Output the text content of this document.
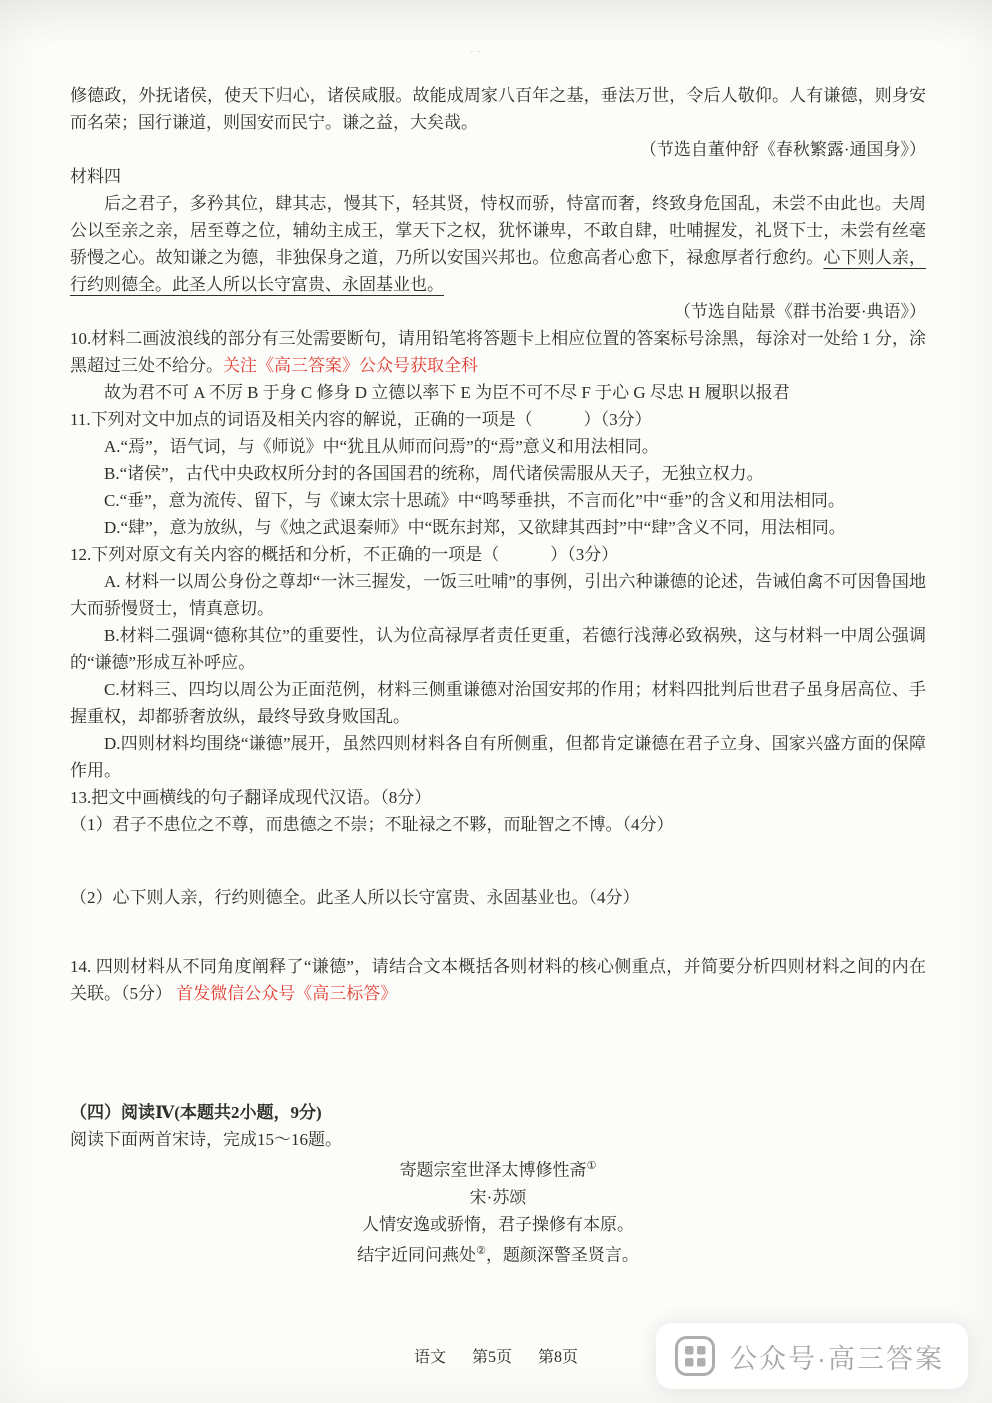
··

修德政，外抚诸侯，使天下归心，诸侯咸服。故能成周家八百年之基，垂法万世，令后人敬仰。人有谦德，则身安而名荣；国行谦道，则国安而民宁。谦之益，大矣哉。

（节选自董仲舒《春秋繁露·通国身》）

材料四

后之君子，多矜其位，肆其志，慢其下，轻其贤，恃权而骄，恃富而奢，终致身危国乱，未尝不由此也。夫周公以至亲之亲，居至尊之位，辅幼主成王，掌天下之权，犹怀谦卑，不敢自肆，吐哺握发，礼贤下士，未尝有丝毫骄慢之心。故知谦之为德，非独保身之道，乃所以安国兴邦也。位愈高者心愈下，禄愈厚者行愈约。心下则人亲，行约则德全。此圣人所以长守富贵、永固基业也。

（节选自陆景《群书治要·典语》）

10.材料二画波浪线的部分有三处需要断句，请用铅笔将答题卡上相应位置的答案标号涂黑，每涂对一处给 1 分，涂黑超过三处不给分。关注《高三答案》公众号获取全科

故为君不可 A 不厉 B 于身 C 修身 D 立德以率下 E 为臣不可不尽 F 于心 G 尽忠 H 履职以报君

11.下列对文中加点的词语及相关内容的解说，正确的一项是（　　　）（3分）

A.“焉”，语气词，与《师说》中“犹且从师而问焉”的“焉”意义和用法相同。

B.“诸侯”，古代中央政权所分封的各国国君的统称，周代诸侯需服从天子，无独立权力。

C.“垂”，意为流传、留下，与《谏太宗十思疏》中“鸣琴垂拱，不言而化”中“垂”的含义和用法相同。

D.“肆”，意为放纵，与《烛之武退秦师》中“既东封郑，又欲肆其西封”中“肆”含义不同，用法相同。

12.下列对原文有关内容的概括和分析，不正确的一项是（　　　）（3分）

A. 材料一以周公身份之尊却“一沐三握发，一饭三吐哺”的事例，引出六种谦德的论述，告诫伯禽不可因鲁国地大而骄慢贤士，情真意切。

B.材料二强调“德称其位”的重要性，认为位高禄厚者责任更重，若德行浅薄必致祸殃，这与材料一中周公强调的“谦德”形成互补呼应。

C.材料三、四均以周公为正面范例，材料三侧重谦德对治国安邦的作用；材料四批判后世君子虽身居高位、手握重权，却都骄奢放纵，最终导致身败国乱。

D.四则材料均围绕“谦德”展开，虽然四则材料各自有所侧重，但都肯定谦德在君子立身、国家兴盛方面的保障作用。

13.把文中画横线的句子翻译成现代汉语。（8分）

（1）君子不患位之不尊，而患德之不崇；不耻禄之不夥，而耻智之不博。（4分）

（2）心下则人亲，行约则德全。此圣人所以长守富贵、永固基业也。（4分）

14. 四则材料从不同角度阐释了“谦德”，请结合文本概括各则材料的核心侧重点，并简要分析四则材料之间的内在关联。（5分） 首发微信公众号《高三标答》

（四）阅读Ⅳ(本题共2小题，9分)

阅读下面两首宋诗，完成15～16题。

寄题宗室世泽太博修性斋①

宋·苏颂

人情安逸或骄惰，君子操修有本原。

结宇近同问燕处②，题颜深警圣贤言。

语文 第5页 第8页	公众号·高三答案
